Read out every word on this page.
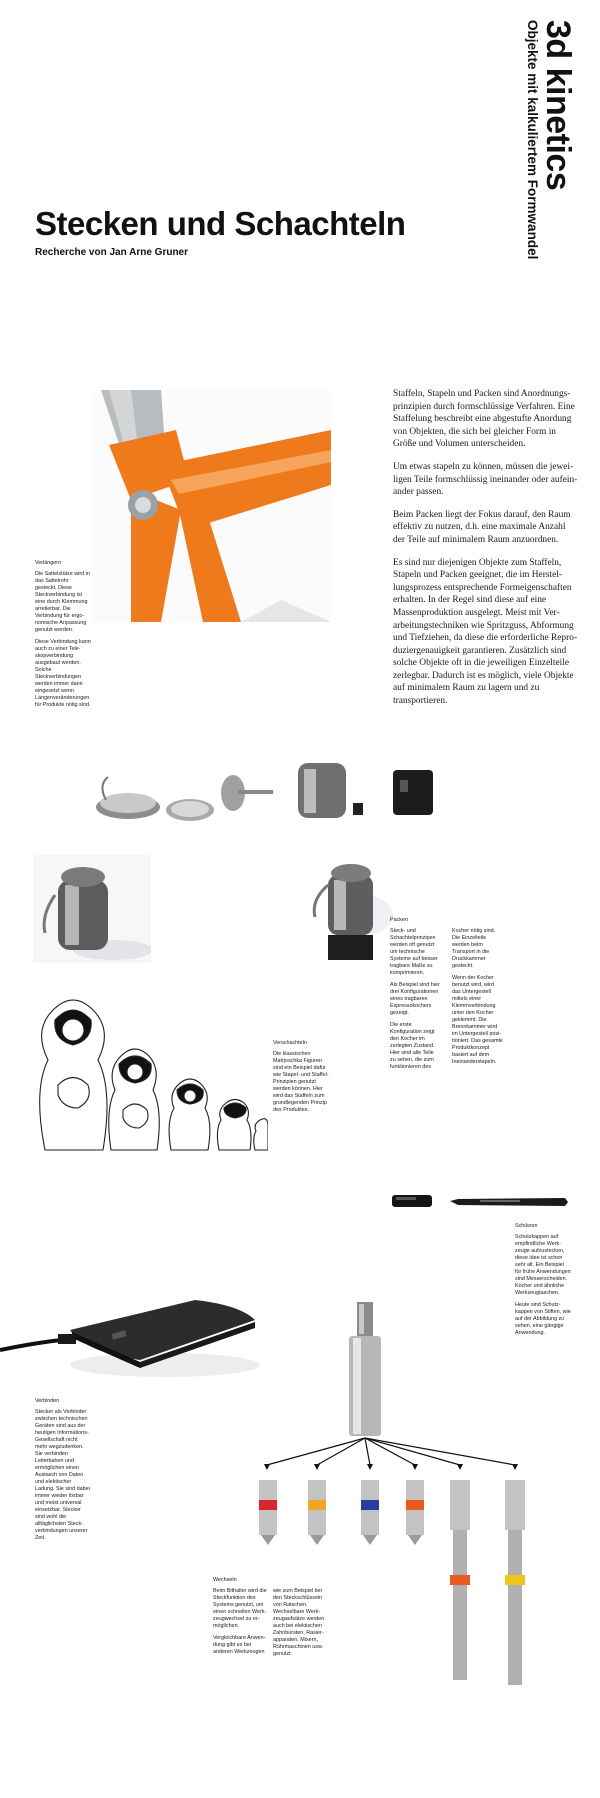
Stecken und Schachteln
Recherche von Jan Arne Gruner
3d kinetics
Objekte mit kalkuliertem Formwandel
Verlängern

Die Sattelstütze wird in das Sattelrohr gesteckt. Diese Steckverbindung ist eine durch Klemmung arretierbar. Die Verbindung für ergonomische Anpassung genutzt werden.

Diese Verbindung kann auch zu einer Teleskopverbindung ausgebaut werden. Solche Steckverbindungen werden immer dann eingesetzt wenn Längenveränderungen für Produkte nötig sind.

Staffeln, Stapeln und Packen sind Anordnungsprinzipien durch formschlüssige Verfahren. Eine Staffelung beschreibt eine abgestufte Anordung von Objekten, die sich bei gleicher Form in Größe und Volumen unterscheiden.

Um etwas stapeln zu können, müssen die jeweiligen Teile formschlüssig ineinander oder aufeinander passen.

Beim Packen liegt der Fokus darauf, den Raum effektiv zu nutzen, d.h. eine maximale Anzahl der Teile auf minimalem Raum anzuordnen.

Es sind nur diejenigen Objekte zum Staffeln, Stapeln und Packen geeignet, die im Herstellungsprozess entsprechende Formeigenschaften erhalten. In der Regel sind diese auf eine Massenproduktion ausgelegt. Meist mit Verarbeitungstechniken wie Spritzguss, Abformung und Tiefziehen, da diese die erforderliche Reproduziergenauigkeit garantieren. Zusätzlich sind solche Objekte oft in die jeweiligen Einzelteile zerlegbar. Dadurch ist es möglich, viele Objekte auf minimalem Raum zu lagern und zu transportieren.

Packen

Steck- und Schachtelprinzipen werden oft genutzt um technische Systeme auf besser tragbare Maße zu komprimieren.

Als Beispiel sind hier drei Konfigurationen eines tragbaren Espressokochers gezeigt.

Die erste Konfiguration zeigt den Kocher im zerlegten Zustand. Hier sind alle Teile zu sehen, die zum funktionieren des

Kocher nötig sind. Die Einzelteile werden beim Transport in die Druckkammer gesteckt.

Wenn der Kocher benutzt wird, wird das Untergestell mittels einer Klemmverbindung unter den Kocher geklemmt. Die Brennkammer wird im Untergestell positioniert. Das gesamte Produktkonzept basiert auf dem Ineinanderstapeln.

Verschachteln

Die klassischen Matrjoschka Figuren sind ein Beispiel dafür wie Stapel- und Staffel-Prinzipien genutzt werden können. Hier wird das Staffeln zum grundlegenden Prinzip des Produktes.

Schützen

Schutzkappen auf empfindliche Werkzeuge aufzustecken, diese idee ist schon sehr alt. Ein Beispiel für frühe Anwendungen sind Messerscheiden. Köcher und ähnliche Werkzeugtaschen.

Heute sind Schutzkappen von Stiften, wie auf der Abbildung zu sehen, eine gängige Anwendung.

Verbinden

Stecker als Verbinder zwischen technischen Geräten sind aus der heutigen InformationsGesellschaft nicht mehr wegzudenken. Sie verbinden Leiterbahen und ermöglichen einen Austasch von Daten und elektischer Ladung. Sie sind dabei immer wieder lösbar und meist universal einsetzbar. Stecker sind wohl die alltäglichsten Steckverbindungen unserer Zeit.

Wechseln

Beim Bithalter wird die Steckfunktion des Systems genutzt, um einen schnellen Werkzeugwechsel zu ermöglichen.

Vergleichbare Anwendung gibt es bei anderen Werkzeugen

wie zum Beispiel bei den Steckschlüsseln von Ratschen. Wechselbare Werkzeugaufsätze werden auch bei elektischen Zahnbürsten, Rasierapparaten, Mixern, Rührmaschinen usw. genutzt.
